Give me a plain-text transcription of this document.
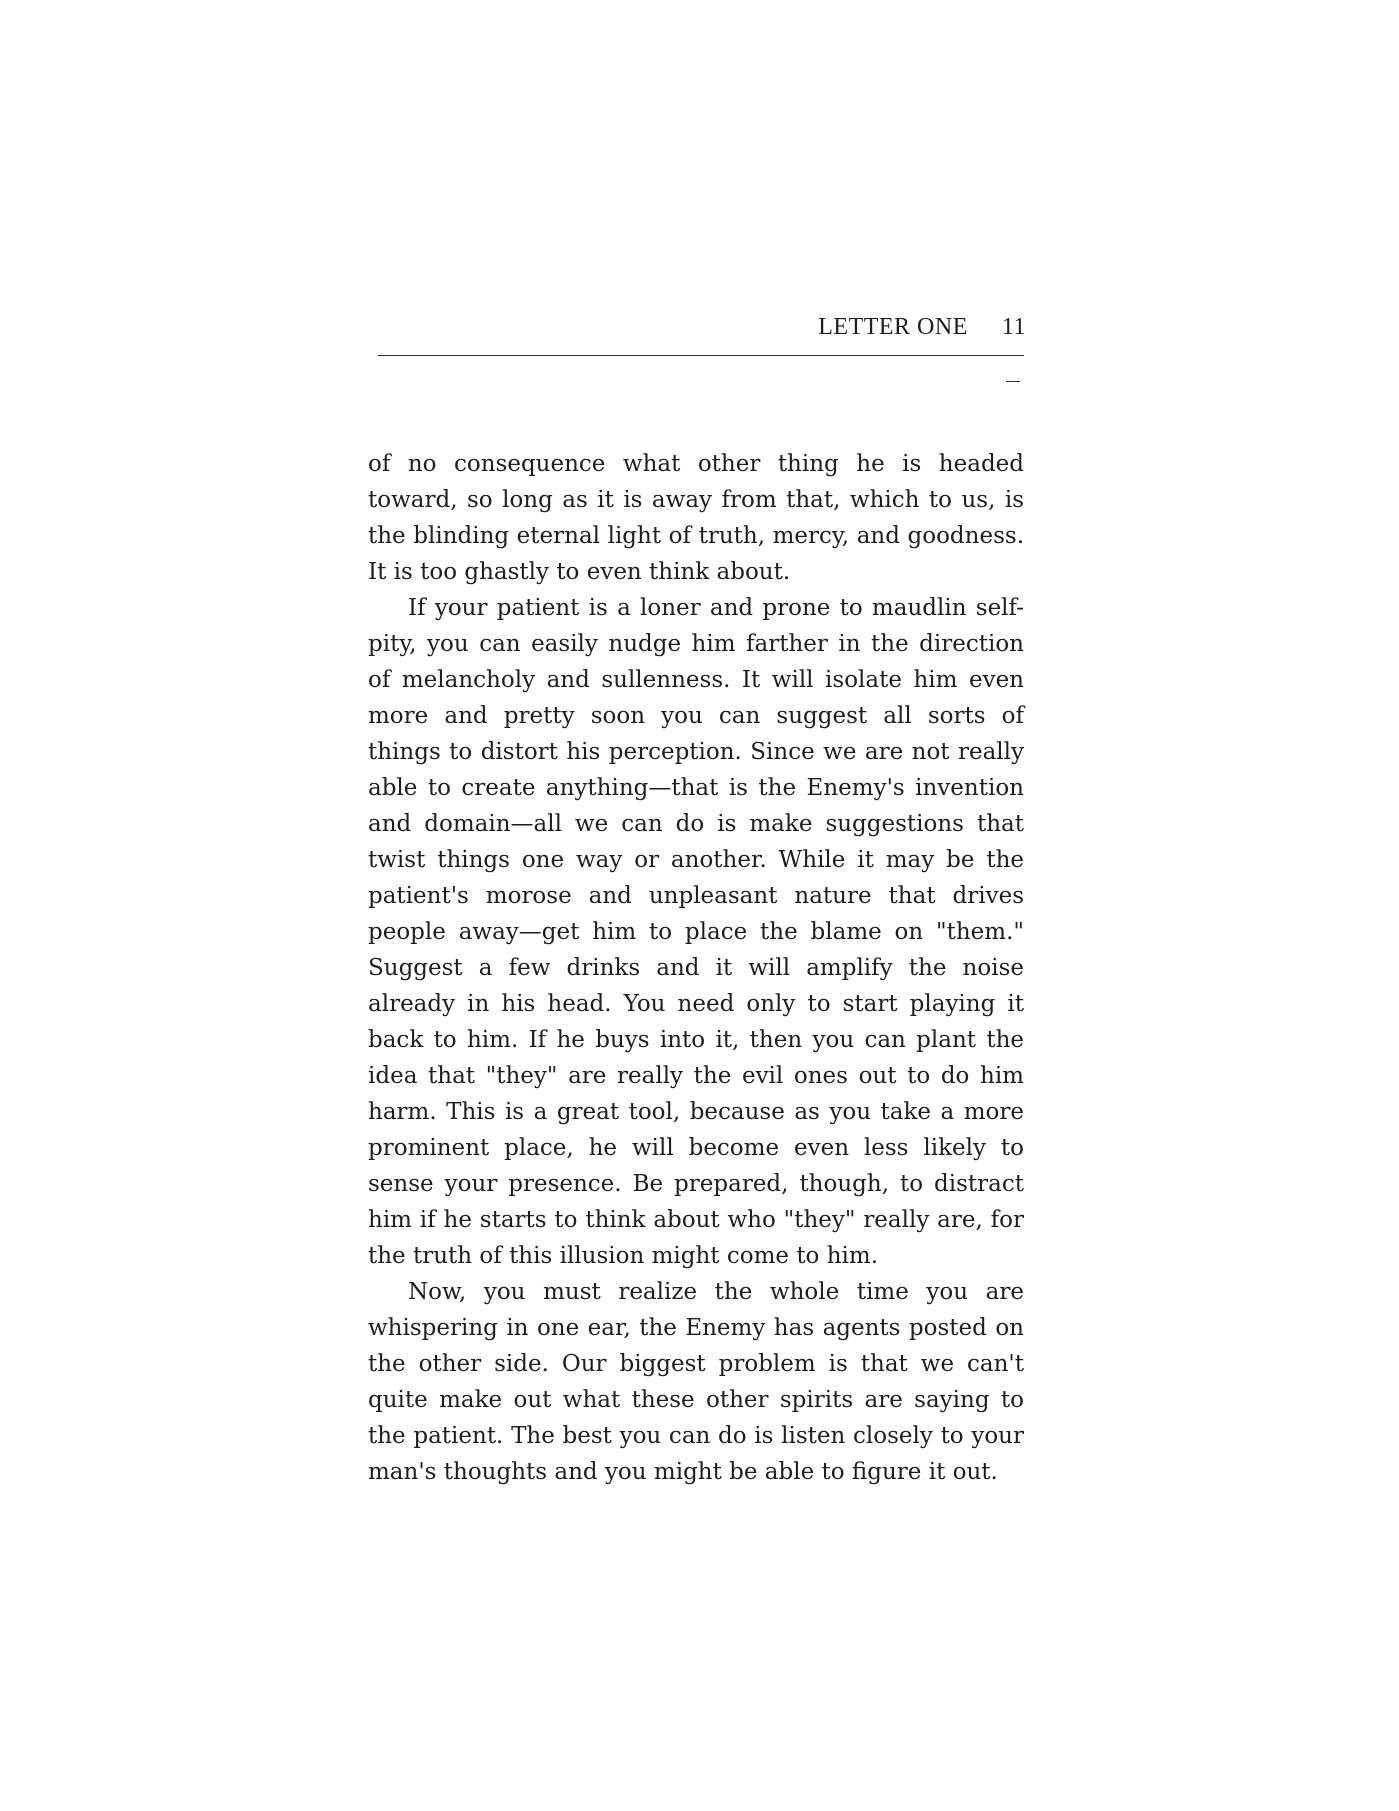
LETTER ONE 11

of no consequence what other thing he is headed toward, so long as it is away from that, which to us, is the blinding eternal light of truth, mercy, and goodness. It is too ghastly to even think about.

If your patient is a loner and prone to maudlin self-pity, you can easily nudge him farther in the direction of melancholy and sullenness. It will isolate him even more and pretty soon you can suggest all sorts of things to distort his perception. Since we are not really able to create anything—that is the Enemy's invention and domain—all we can do is make suggestions that twist things one way or another. While it may be the patient's morose and unpleasant nature that drives people away—get him to place the blame on "them." Suggest a few drinks and it will amplify the noise already in his head. You need only to start playing it back to him. If he buys into it, then you can plant the idea that "they" are really the evil ones out to do him harm. This is a great tool, because as you take a more prominent place, he will become even less likely to sense your presence. Be prepared, though, to distract him if he starts to think about who "they" really are, for the truth of this illusion might come to him.

Now, you must realize the whole time you are whispering in one ear, the Enemy has agents posted on the other side. Our biggest problem is that we can't quite make out what these other spirits are saying to the patient. The best you can do is listen closely to your man's thoughts and you might be able to figure it out.
